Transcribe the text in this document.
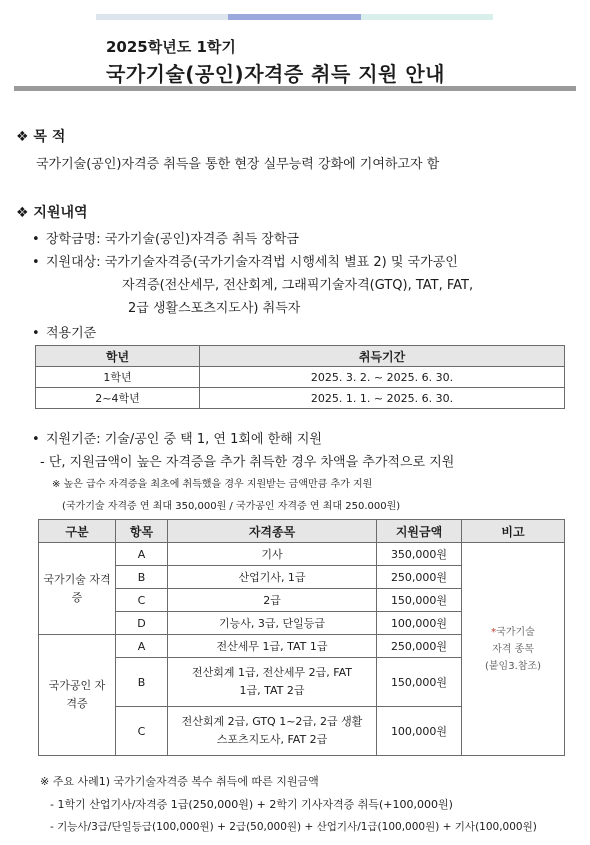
2025학년도 1학기
국가기술(공인)자격증 취득 지원 안내
❖ 목 적
국가기술(공인)자격증 취득을 통한 현장 실무능력 강화에 기여하고자 함
❖ 지원내역
• 장학금명: 국가기술(공인)자격증 취득 장학금
• 지원대상: 국가기술자격증(국가기술자격법 시행세칙 별표 2) 및 국가공인
자격증(전산세무, 전산회계, 그래픽기술자격(GTQ), TAT, FAT,
2급 생활스포츠지도사) 취득자
• 적용기준
학년	취득기간
1학년	2025. 3. 2. ~ 2025. 6. 30.
2~4학년	2025. 1. 1. ~ 2025. 6. 30.
• 지원기준: 기술/공인 중 택 1, 연 1회에 한해 지원
- 단, 지원금액이 높은 자격증을 추가 취득한 경우 차액을 추가적으로 지원
※ 높은 급수 자격증을 최초에 취득했을 경우 지원받는 금액만큼 추가 지원
(국가기술 자격증 연 최대 350,000원 / 국가공인 자격증 연 최대 250.000원)
구분	항목	자격종목	지원금액	비고
국가기술 자격증	A	기사	350,000원	*국가기술
자격 종목
(붙임3.참조)
	B	산업기사, 1급	250,000원	
	C	2급	150,000원	
	D	기능사, 3급, 단일등급	100,000원	
국가공인 자격증	A	전산세무 1급, TAT 1급	250,000원	
	B	전산회계 1급, 전산세무 2급, FAT 1급, TAT 2급	150,000원	
	C	전산회계 2급, GTQ 1~2급, 2급 생활스포츠지도사, FAT 2급	100,000원	
※ 주요 사례1) 국가기술자격증 복수 취득에 따른 지원금액
- 1학기 산업기사/자격증 1급(250,000원) + 2학기 기사자격증 취득(+100,000원)
- 기능사/3급/단일등급(100,000원) + 2급(50,000원) + 산업기사/1급(100,000원) + 기사(100,000원)
